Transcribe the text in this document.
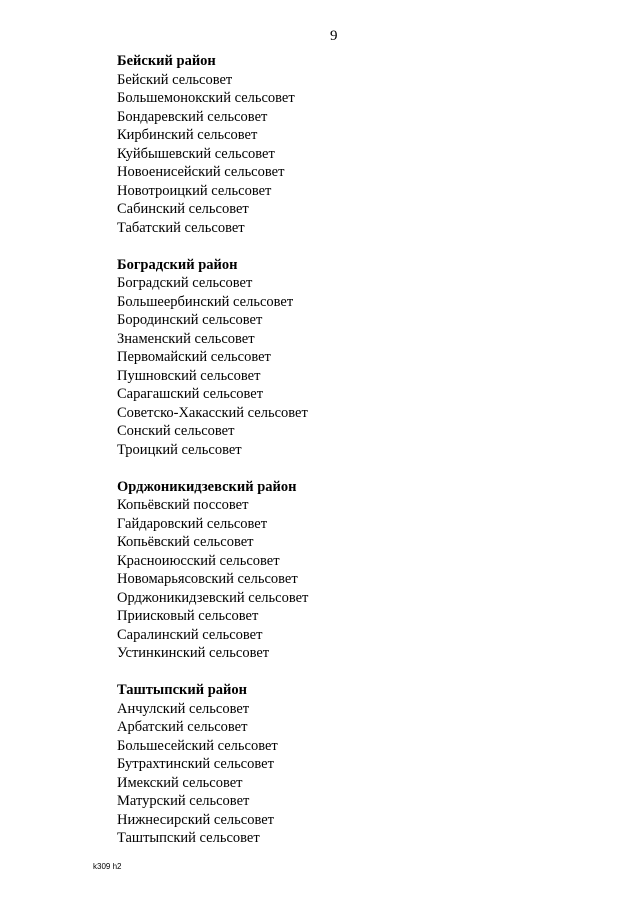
9
Бейский район
Бейский сельсовет
Большемонокский сельсовет
Бондаревский сельсовет
Кирбинский сельсовет
Куйбышевский сельсовет
Новоенисейский сельсовет
Новотроицкий сельсовет
Сабинский сельсовет
Табатский сельсовет
Боградский район
Боградский сельсовет
Большеербинский сельсовет
Бородинский сельсовет
Знаменский сельсовет
Первомайский сельсовет
Пушновский сельсовет
Сарагашский сельсовет
Советско-Хакасский сельсовет
Сонский сельсовет
Троицкий сельсовет
Орджоникидзевский район
Копьёвский поссовет
Гайдаровский сельсовет
Копьёвский сельсовет
Красноиюсский сельсовет
Новомарьясовский сельсовет
Орджоникидзевский сельсовет
Приисковый сельсовет
Саралинский сельсовет
Устинкинский сельсовет
Таштыпский район
Анчулский сельсовет
Арбатский сельсовет
Большесейский сельсовет
Бутрахтинский сельсовет
Имекский сельсовет
Матурский сельсовет
Нижнесирский сельсовет
Таштыпский сельсовет
k309 h2
